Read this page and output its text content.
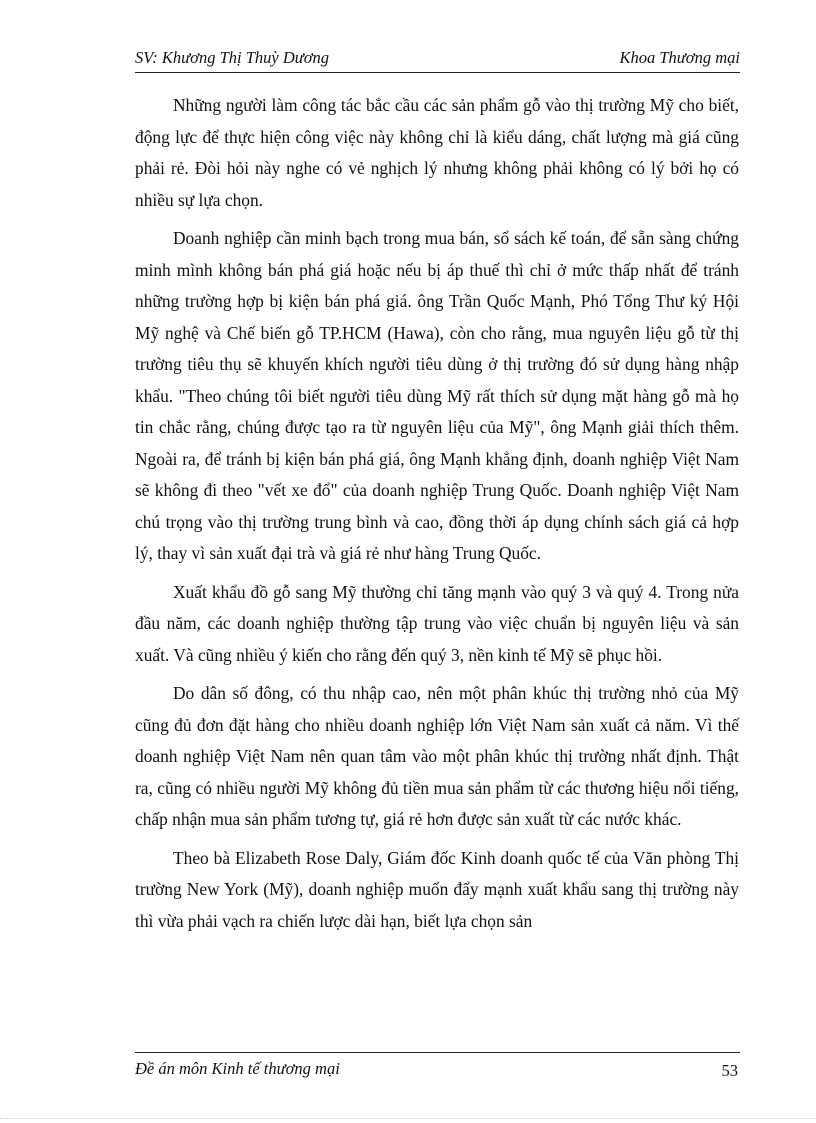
SV: Khương Thị Thuỳ Dương	Khoa Thương mại

Những người làm công tác bắc cầu các sản phẩm gỗ vào thị trường Mỹ cho biết, động lực để thực hiện công việc này không chỉ là kiểu dáng, chất lượng mà giá cũng phải rẻ. Đòi hỏi này nghe có vẻ nghịch lý nhưng không phải không có lý bởi họ có nhiều sự lựa chọn.

Doanh nghiệp cần minh bạch trong mua bán, sổ sách kế toán, để sẵn sàng chứng minh mình không bán phá giá hoặc nếu bị áp thuế thì chỉ ở mức thấp nhất để tránh những trường hợp bị kiện bán phá giá. ông Trần Quốc Mạnh, Phó Tổng Thư ký Hội Mỹ nghệ và Chế biến gỗ TP.HCM (Hawa), còn cho rằng, mua nguyên liệu gỗ từ thị trường tiêu thụ sẽ khuyến khích người tiêu dùng ở thị trường đó sử dụng hàng nhập khẩu. "Theo chúng tôi biết người tiêu dùng Mỹ rất thích sử dụng mặt hàng gỗ mà họ tin chắc rằng, chúng được tạo ra từ nguyên liệu của Mỹ", ông Mạnh giải thích thêm. Ngoài ra, để tránh bị kiện bán phá giá, ông Mạnh khẳng định, doanh nghiệp Việt Nam sẽ không đi theo "vết xe đổ" của doanh nghiệp Trung Quốc. Doanh nghiệp Việt Nam chú trọng vào thị trường trung bình và cao, đồng thời áp dụng chính sách giá cả hợp lý, thay vì sản xuất đại trà và giá rẻ như hàng Trung Quốc.

Xuất khẩu đồ gỗ sang Mỹ thường chỉ tăng mạnh vào quý 3 và quý 4. Trong nửa đầu năm, các doanh nghiệp thường tập trung vào việc chuẩn bị nguyên liệu và sản xuất. Và cũng nhiều ý kiến cho rằng đến quý 3, nền kinh tế Mỹ sẽ phục hồi.

Do dân số đông, có thu nhập cao, nên một phân khúc thị trường nhỏ của Mỹ cũng đủ đơn đặt hàng cho nhiều doanh nghiệp lớn Việt Nam sản xuất cả năm. Vì thế doanh nghiệp Việt Nam nên quan tâm vào một phân khúc thị trường nhất định. Thật ra, cũng có nhiều người Mỹ không đủ tiền mua sản phẩm từ các thương hiệu nổi tiếng, chấp nhận mua sản phẩm tương tự, giá rẻ hơn được sản xuất từ các nước khác.

Theo bà Elizabeth Rose Daly, Giám đốc Kinh doanh quốc tế của Văn phòng Thị trường New York (Mỹ), doanh nghiệp muốn đẩy mạnh xuất khẩu sang thị trường này thì vừa phải vạch ra chiến lược dài hạn, biết lựa chọn sản

Đề án môn Kinh tế thương mại	53
